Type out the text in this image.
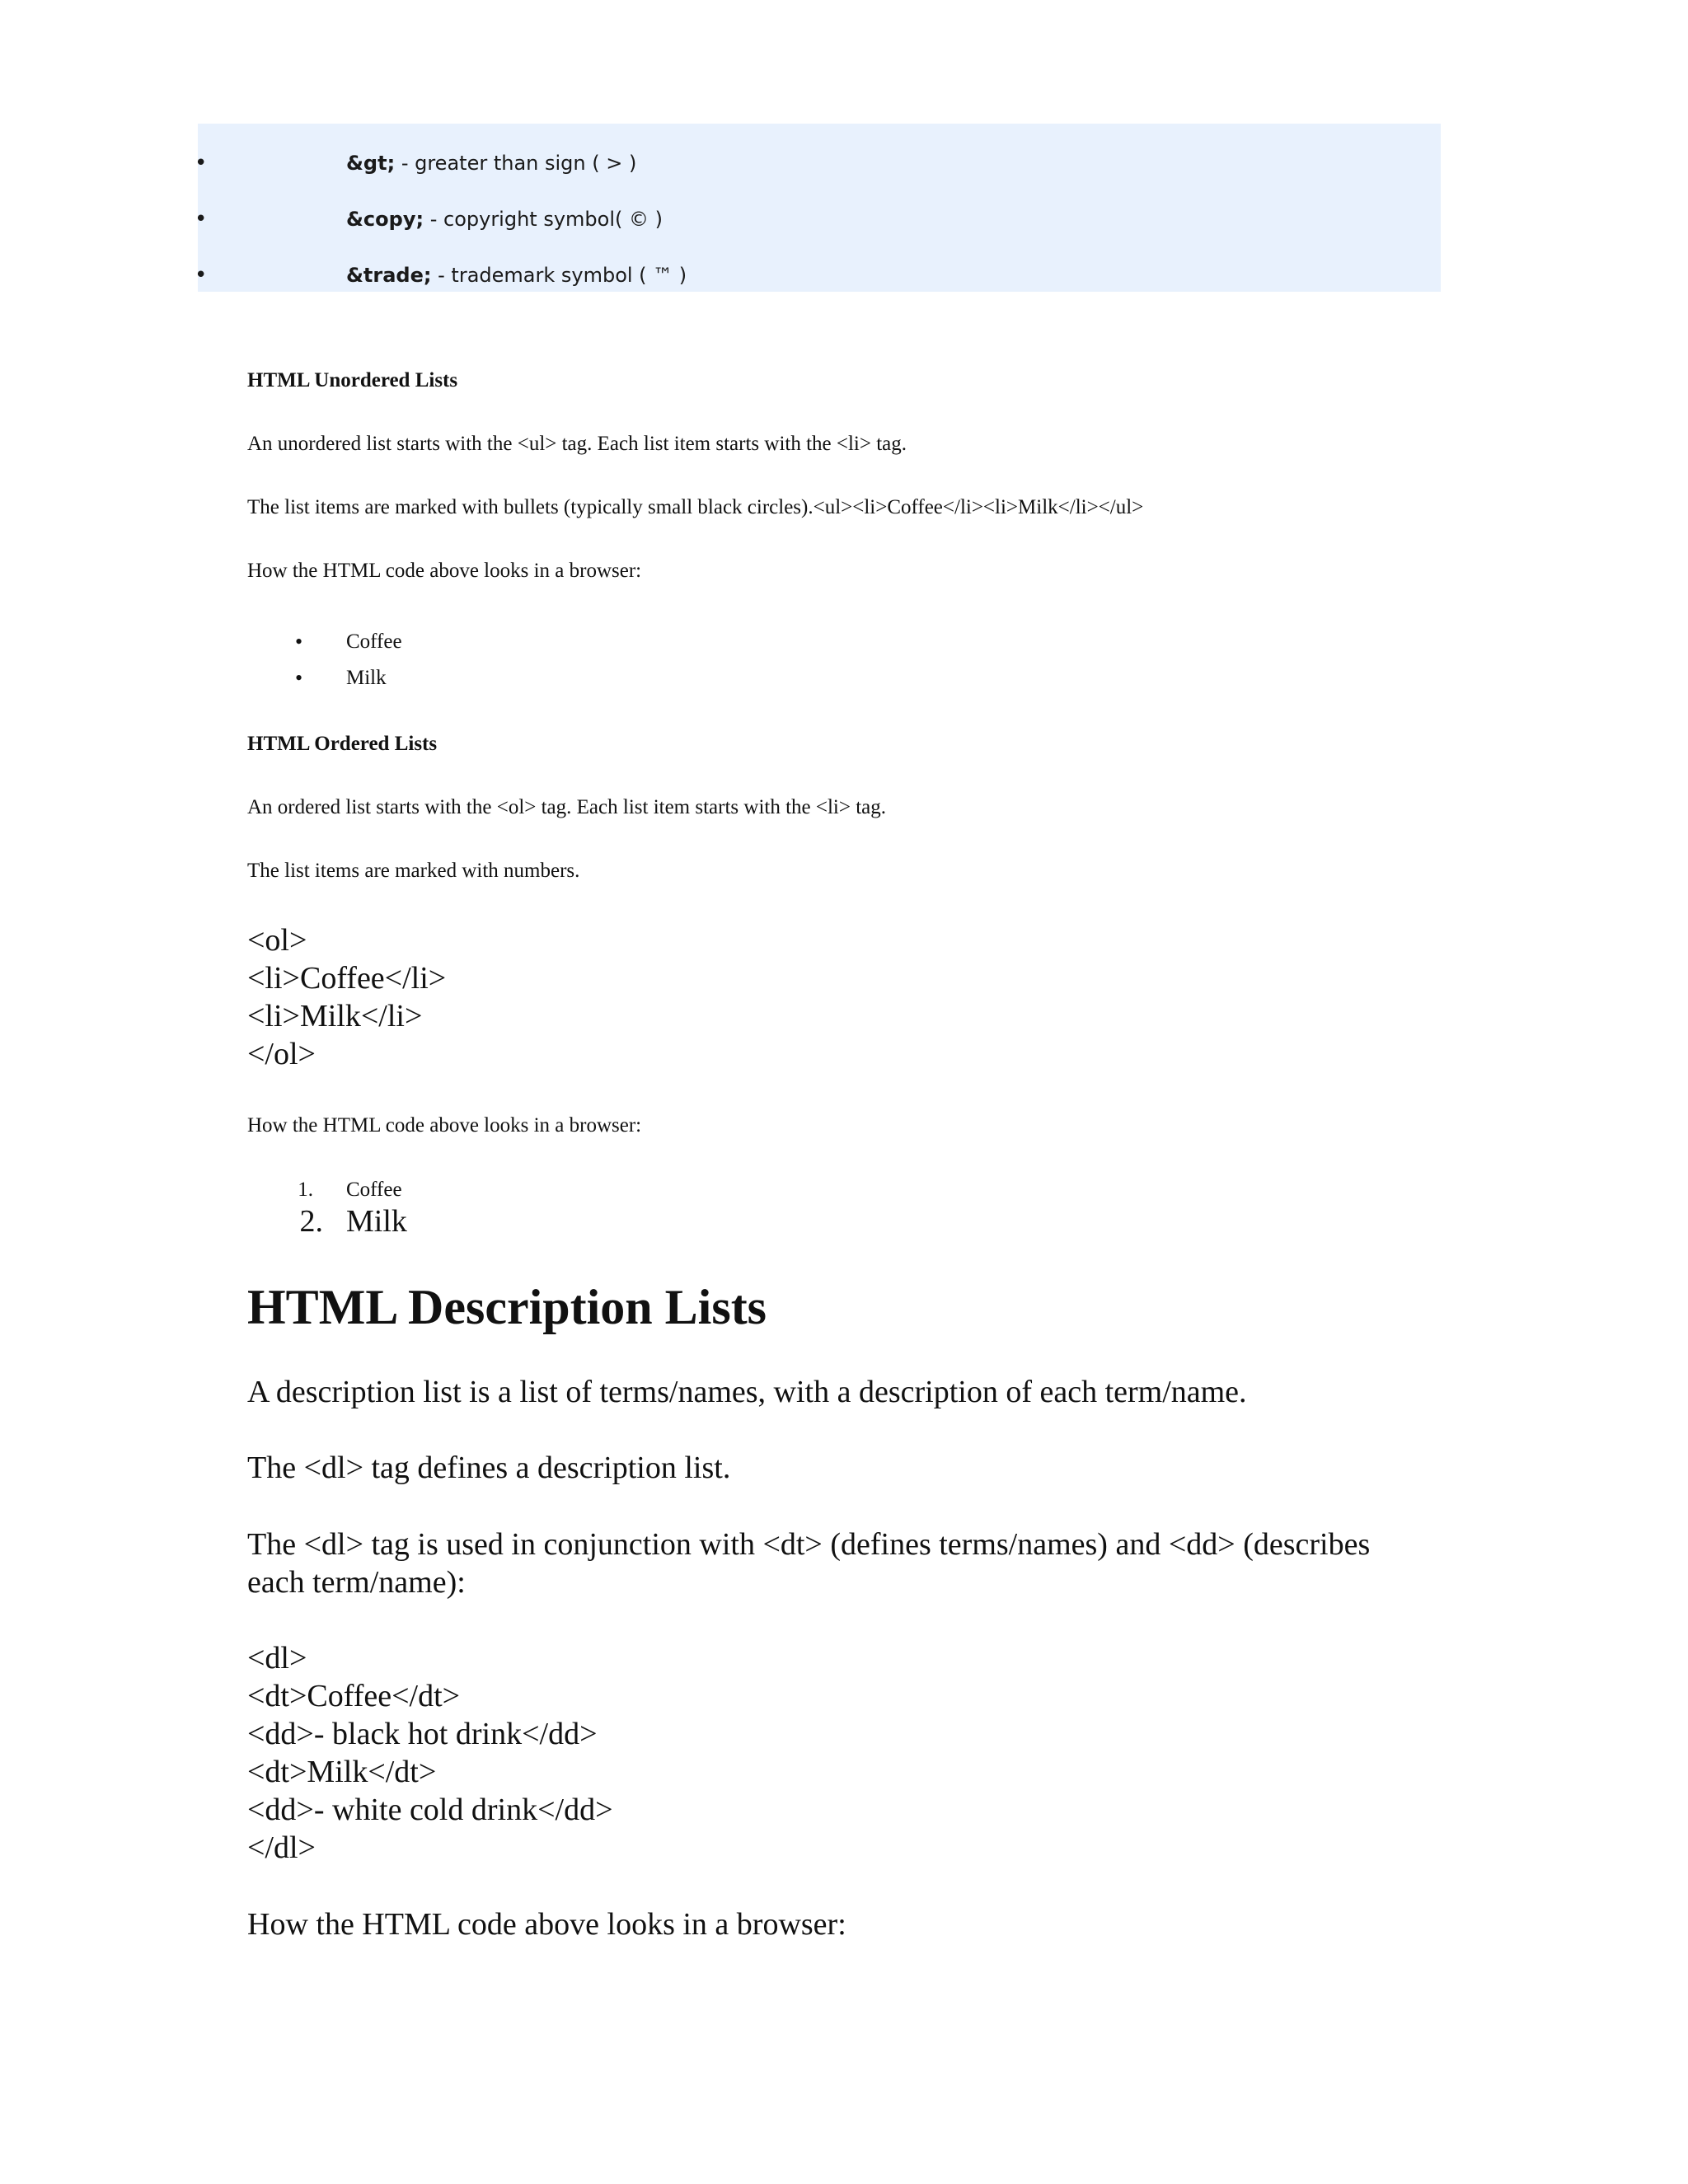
•	&gt; - greater than sign ( > )
•	&copy; - copyright symbol( © )
•	&trade; - trademark symbol ( ™ )
HTML Unordered Lists
An unordered list starts with the <ul> tag. Each list item starts with the <li> tag.
The list items are marked with bullets (typically small black circles).<ul><li>Coffee</li><li>Milk</li></ul>
How the HTML code above looks in a browser:
• Coffee
• Milk
HTML Ordered Lists
An ordered list starts with the <ol> tag. Each list item starts with the <li> tag.
The list items are marked with numbers.
<ol>
<li>Coffee</li>
<li>Milk</li>
</ol>
How the HTML code above looks in a browser:
1. Coffee
2. Milk
HTML Description Lists
A description list is a list of terms/names, with a description of each term/name.
The <dl> tag defines a description list.
The <dl> tag is used in conjunction with <dt> (defines terms/names) and <dd> (describes
each term/name):
<dl>
<dt>Coffee</dt>
<dd>- black hot drink</dd>
<dt>Milk</dt>
<dd>- white cold drink</dd>
</dl>
How the HTML code above looks in a browser:
